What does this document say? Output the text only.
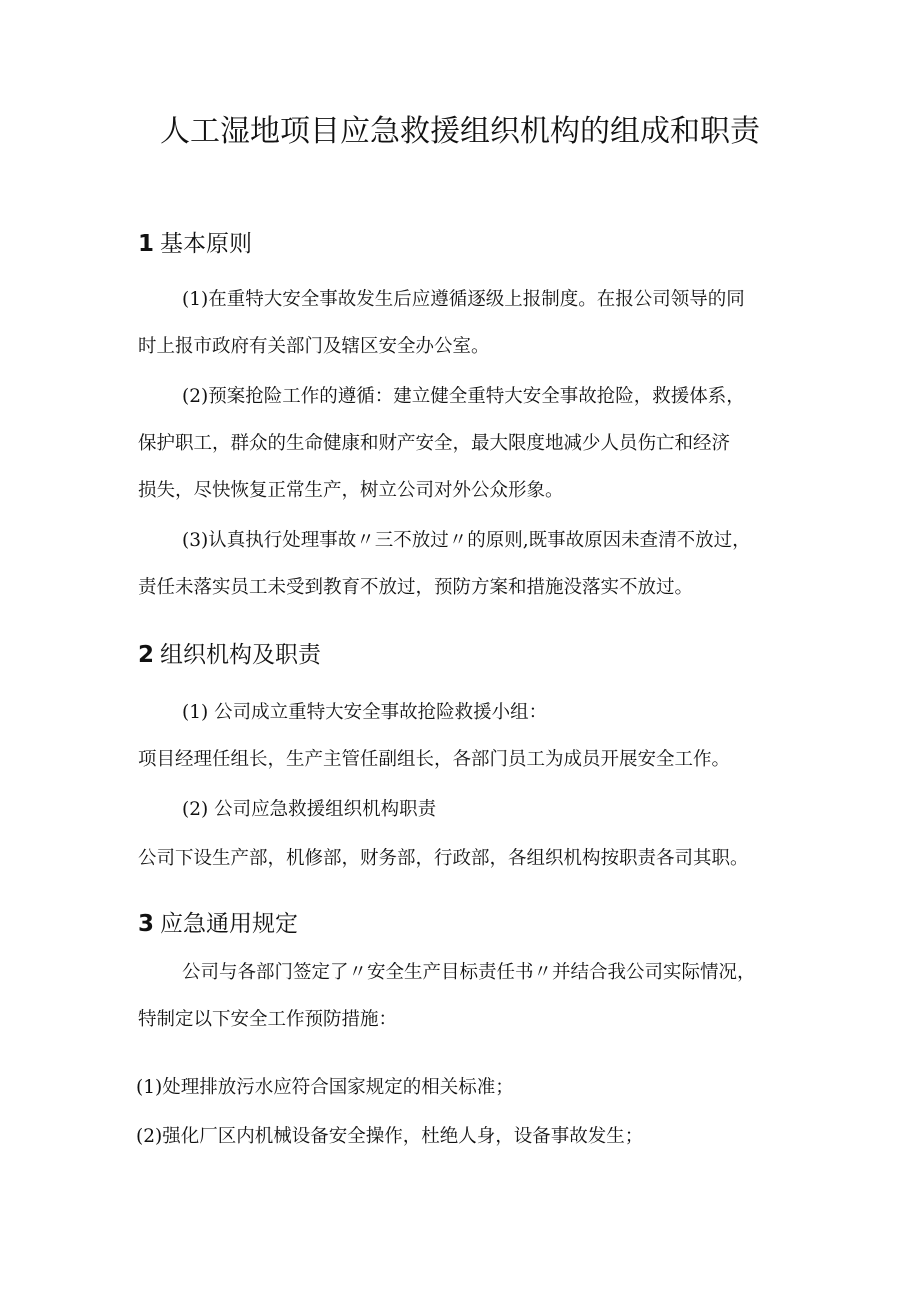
人工湿地项目应急救援组织机构的组成和职责
1 基本原则
(1)在重特大安全事故发生后应遵循逐级上报制度。在报公司领导的同
时上报市政府有关部门及辖区安全办公室。
(2)预案抢险工作的遵循：建立健全重特大安全事故抢险，救援体系，
保护职工，群众的生命健康和财产安全，最大限度地减少人员伤亡和经济
损失，尽快恢复正常生产，树立公司对外公众形象。
(3)认真执行处理事故〃三不放过〃的原则,既事故原因未查清不放过，
责任未落实员工未受到教育不放过，预防方案和措施没落实不放过。
2 组织机构及职责
(1) 公司成立重特大安全事故抢险救援小组：
项目经理任组长，生产主管任副组长，各部门员工为成员开展安全工作。
(2) 公司应急救援组织机构职责
公司下设生产部，机修部，财务部，行政部，各组织机构按职责各司其职。
3 应急通用规定
公司与各部门签定了〃安全生产目标责任书〃并结合我公司实际情况，
特制定以下安全工作预防措施：
(1)处理排放污水应符合国家规定的相关标准；
(2)强化厂区内机械设备安全操作，杜绝人身，设备事故发生；
